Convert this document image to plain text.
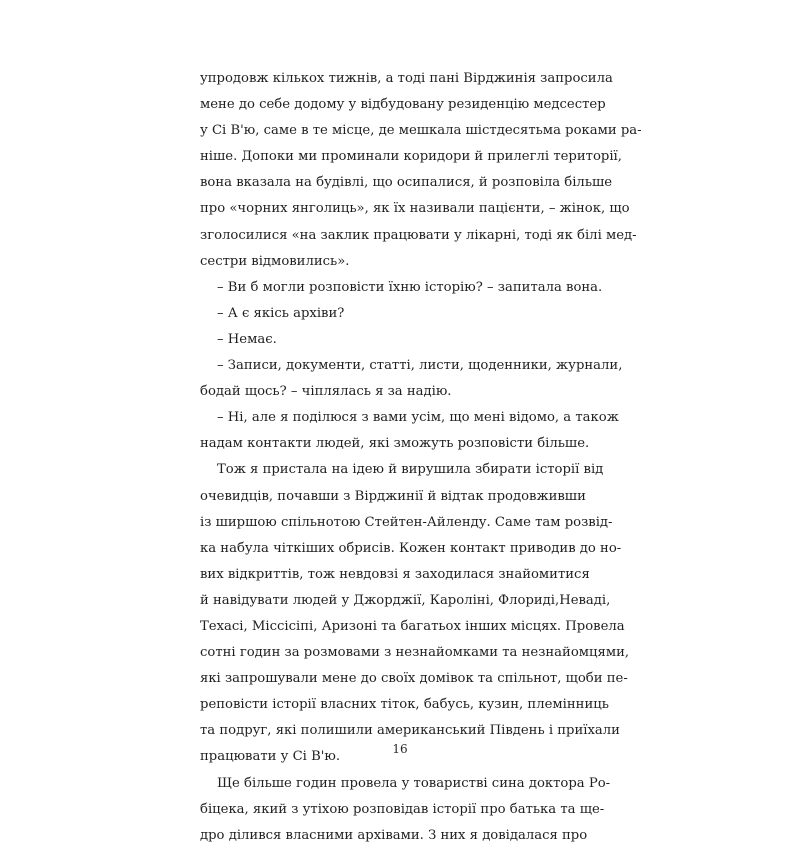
упродовж кількох тижнів, а тоді пані Вірджинія запросила
мене до себе додому у відбудовану резиденцію медсестер
у Сі В'ю, саме в те місце, де мешкала шістдесятьма роками ра-
ніше. Допоки ми проминали коридори й прилеглі території,
вона вказала на будівлі, що осипалися, й розповіла більше
про «чорних янголиць», як їх називали пацієнти, – жінок, що
зголосилися «на заклик працювати у лікарні, тоді як білі мед-
сестри відмовились».
– Ви б могли розповісти їхню історію? – запитала вона.
– А є якісь архіви?
– Немає.
– Записи, документи, статті, листи, щоденники, журнали,
бодай щось? – чіплялась я за надію.
– Ні, але я поділюся з вами усім, що мені відомо, а також
надам контакти людей, які зможуть розповісти більше.
Тож я пристала на ідею й вирушила збирати історії від
очевидців, почавши з Вірджинії й відтак продовживши
із ширшою спільнотою Стейтен-Айленду. Саме там розвід-
ка набула чіткіших обрисів. Кожен контакт приводив до но-
вих відкриттів, тож невдовзі я заходилася знайомитися
й навідувати людей у Джорджії, Кароліні, Флориді,Неваді,
Техасі, Міссісіпі, Аризоні та багатьох інших місцях. Провела
сотні годин за розмовами з незнайомками та незнайомцями,
які запрошували мене до своїх домівок та спільнот, щоби пе-
реповісти історії власних тіток, бабусь, кузин, племінниць
та подруг, які полишили американський Південь і приїхали
працювати у Сі В'ю.
Ще більше годин провела у товаристві сина доктора Ро-
біцека, який з утіхою розповідав історії про батька та ще-
дро ділився власними архівами. З них я довідалася про
16
